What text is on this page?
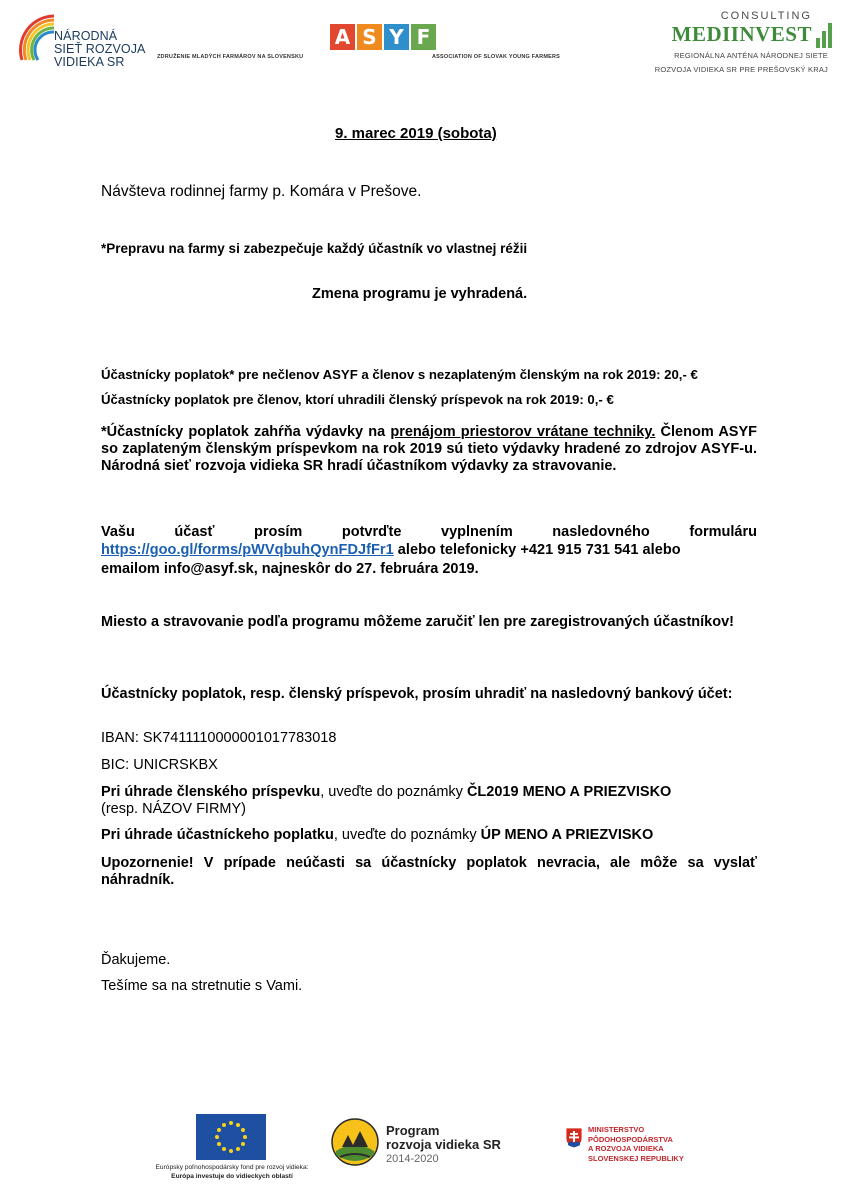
NÁRODNÁ
SIEŤ ROZVOJA
VIDIEKA SR
A S Y F
ZDRUŽENIE MLADÝCH FARMÁROV NA SLOVENSKU	ASSOCIATION OF SLOVAK YOUNG FARMERS
CONSULTING
MEDIINVEST
REGIONÁLNA ANTÉNA NÁRODNEJ SIETE
ROZVOJA VIDIEKA SR PRE PREŠOVSKÝ KRAJ
9. marec 2019 (sobota)
Návšteva rodinnej farmy p. Komára v Prešove.
*Prepravu na farmy si zabezpečuje každý účastník vo vlastnej réžii
Zmena programu je vyhradená.
Účastnícky poplatok* pre nečlenov ASYF a členov s nezaplateným členským na rok 2019: 20,- €
Účastnícky poplatok pre členov, ktorí uhradili členský príspevok na rok 2019: 0,- €
*Účastnícky poplatok zahŕňa výdavky na prenájom priestorov vrátane techniky. Členom ASYF so zaplateným členským príspevkom na rok 2019 sú tieto výdavky hradené zo zdrojov ASYF-u. Národná sieť rozvoja vidieka SR hradí účastníkom výdavky za stravovanie.
Vašu účasť prosím potvrďte vyplnením nasledovného formuláru
https://goo.gl/forms/pWVqbuhQynFDJfFr1 alebo telefonicky +421 915 731 541 alebo
emailom info@asyf.sk, najneskôr do 27. februára 2019.
Miesto a stravovanie podľa programu môžeme zaručiť len pre zaregistrovaných účastníkov!
Účastnícky poplatok, resp. členský príspevok, prosím uhradiť na nasledovný bankový účet:
IBAN: SK7411110000001017783018
BIC: UNICRSKBX
Pri úhrade členského príspevku, uveďte do poznámky ČL2019 MENO A PRIEZVISKO
(resp. NÁZOV FIRMY)
Pri úhrade účastníckeho poplatku, uveďte do poznámky ÚP MENO A PRIEZVISKO
Upozornenie! V prípade neúčasti sa účastnícky poplatok nevracia, ale môže sa vyslať náhradník.
Ďakujeme.
Tešíme sa na stretnutie s Vami.
Európsky poľnohospodársky fond pre rozvoj vidieka:
Európa investuje do vidieckych oblastí
Program
rozvoja vidieka SR
2014-2020
MINISTERSTVO
PÔDOHOSPODÁRSTVA
A ROZVOJA VIDIEKA
SLOVENSKEJ REPUBLIKY
